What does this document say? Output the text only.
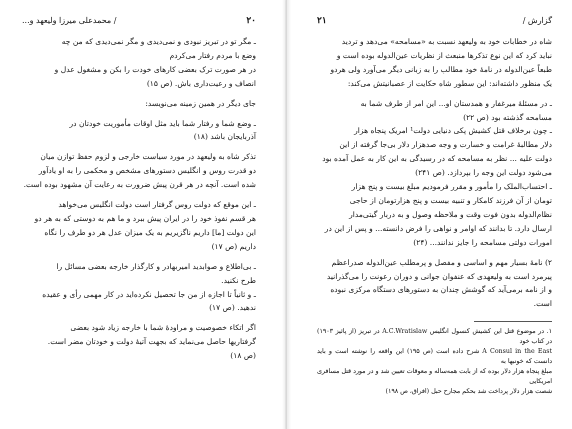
۲۰
/ محمدعلی میرزا ولیعهد و...

ـ مگر تو در تبریز نبودی و نمی‌دیدی و مگر نمی‌دیدی که من چه

وضع با مردم رفتار می‌کردم

در هر صورت ترک بعضی کارهای خودت را بکن و مشغول عدل و

انصاف و رعیت‌داری باش. (ص ۱۵)

جای دیگر در همین زمینه می‌نویسد:

ـ وضع شما و رفتار شما باید مثل اوقات مأموریت خودتان در

آذربایجان باشد (۱۸)

تذکر شاه به ولیعهد در مورد سیاست خارجی و لزوم حفظ توازن میان

دو قدرت روس و انگلیس دستورهای مشخص و محکمی را به او یادآور

شده است. آنچه در هر قرن پیش ضرورت به رعایت آن مشهود بوده است.

ـ این موقع که دولت روس گرفتار است دولت انگلیس می‌خواهد

هر قسم نفوذ خود را در ایران پیش ببرد و ما هم به دوستی که به هر دو

این دولت [ما] داریم ناگزیریم به یک میزان عدل هر دو طرف را نگاه

داریم (ص ۱۷)

ـ بی‌اطلاع و صوابدید امیربهادر و کارگذار خارجه بعضی مسائل را

طرح نکنید.

ـ و ثانیاً تا اجازه از من جا تحصیل نکرده‌اید در کار مهمی رأی و عقیده

ندهید. (ص ۱۷)

اگر اتکاء خصوصیت و مراودهٔ شما با خارجه زیاد شود بعضی

گرفتاریها حاصل می‌نماید که بجهت آتیهٔ دولت و خودتان مضر است.

(ص ۱۸)

گزارش /
۲۱

شاه در خطابات خود به ولیعهد نسبت به «مسامحه» می‌دهد و تردید

نباید کرد که این نوع تذکرها منبعث از نظریات عین‌الدوله بوده است و

طبعاً عین‌الدوله در نامهٔ خود مطالب را به زبانی دیگر می‌آورد ولی هردو

یک منظور داشته‌اند: این سطور شاه حکایت از عصبانیتش می‌کند:

ـ در مسئلهٔ میرغفار و همدستان او... این امر از طرف شما به

مسامحه گذشته بود (ص ۲۲)

ـ چون برخلاف قتل کشیش پکی دنیایی دولت¹ امریک پنجاه هزار

دلار مطالبهٔ غرامت و خسارت و وجه صدهزار دلار بی‌جا گرفته از این

دولت علیه ... نظر به مسامحه که در رسیدگی به این کار به عمل آمده بود

می‌شود دولت این وجه را بپردازد. (ص ۲۴۱)

ـ احتساب‌الملک را مأمور و مقرر فرمودیم مبلغ بیست و پنج هزار

تومان از آن فرزند کامکار و تنبیه بیست و پنج هزارتومان از حاجی

نظام‌الدوله بدون فوت وقت و ملاحظه وصول و به دربار گیتی‌مدار

ارسال دارد. تا بدانند که اوامر و نواهی را فرض دانسته... و پس از این در

امورات دولتی مسامحه را جایز ندانند... (۲۴)

۲) نامهٔ بسیار مهم و اساسی و مفصل و پرمطلب عین‌الدوله صدراعظم

پیرمرد است به ولیعهدی که عنفوان جوانی و دوران رعونت را می‌گذرانید

و از نامه برمی‌آید که گوشش چندان به دستورهای دستگاه مرکزی نبوده

است.

۱. در موضوع قتل این کشیش کنسول انگلیس A.C.Wratislaw در تبریز (از پائیز ۱۹۰۳) در کتاب خود

A Consul in the East شرح داده است (ص ۱۹۵) این واقعه را نوشته است و باید دانست که خونبها به

مبلغ پنجاه هزار دلار بوده که از بابت همه‌ساله و معوقات تعیین شد و در مورد قتل مسافری امریکایی

شصت هزار دلار پرداخت شد بحکم مجارح حبل (افراق، ص ۱۹۸)
